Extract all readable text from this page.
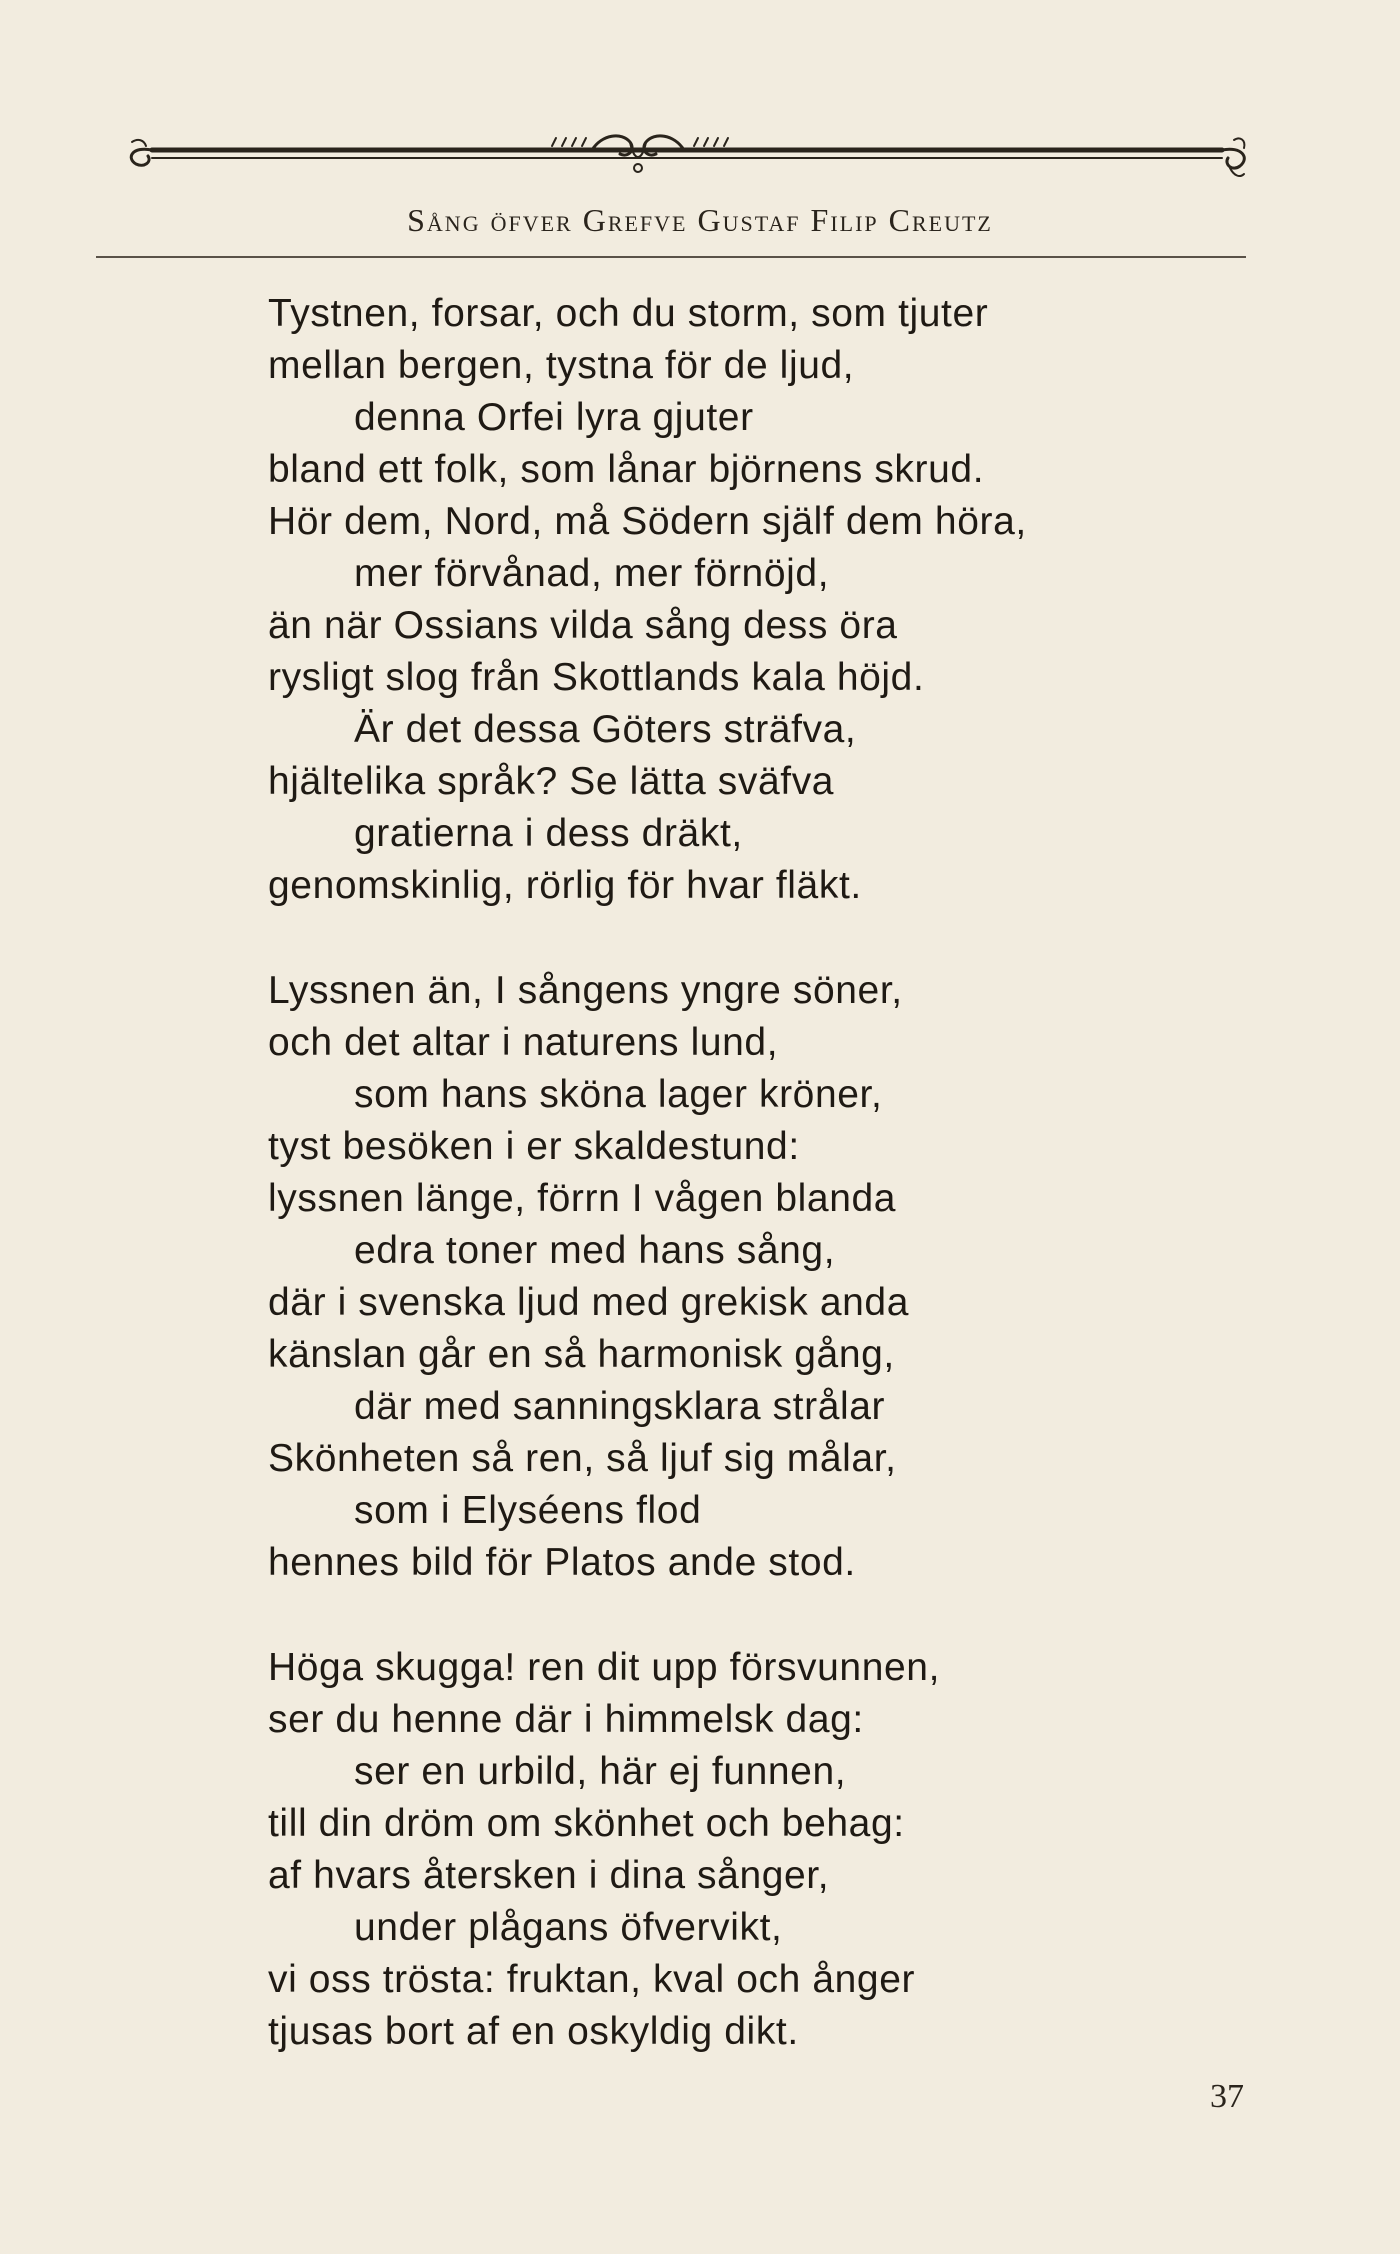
Sång öfver Grefve Gustaf Filip Creutz
Tystnen, forsar, och du storm, som tjuter
mellan bergen, tystna för de ljud,
denna Orfei lyra gjuter
bland ett folk, som lånar björnens skrud.
Hör dem, Nord, må Södern själf dem höra,
mer förvånad, mer förnöjd,
än när Ossians vilda sång dess öra
rysligt slog från Skottlands kala höjd.
Är det dessa Göters sträfva,
hjältelika språk? Se lätta sväfva
gratierna i dess dräkt,
genomskinlig, rörlig för hvar fläkt.
Lyssnen än, I sångens yngre söner,
och det altar i naturens lund,
som hans sköna lager kröner,
tyst besöken i er skaldestund:
lyssnen länge, förrn I vågen blanda
edra toner med hans sång,
där i svenska ljud med grekisk anda
känslan går en så harmonisk gång,
där med sanningsklara strålar
Skönheten så ren, så ljuf sig målar,
som i Elyséens flod
hennes bild för Platos ande stod.
Höga skugga! ren dit upp försvunnen,
ser du henne där i himmelsk dag:
ser en urbild, här ej funnen,
till din dröm om skönhet och behag:
af hvars återsken i dina sånger,
under plågans öfvervikt,
vi oss trösta: fruktan, kval och ånger
tjusas bort af en oskyldig dikt.
37
